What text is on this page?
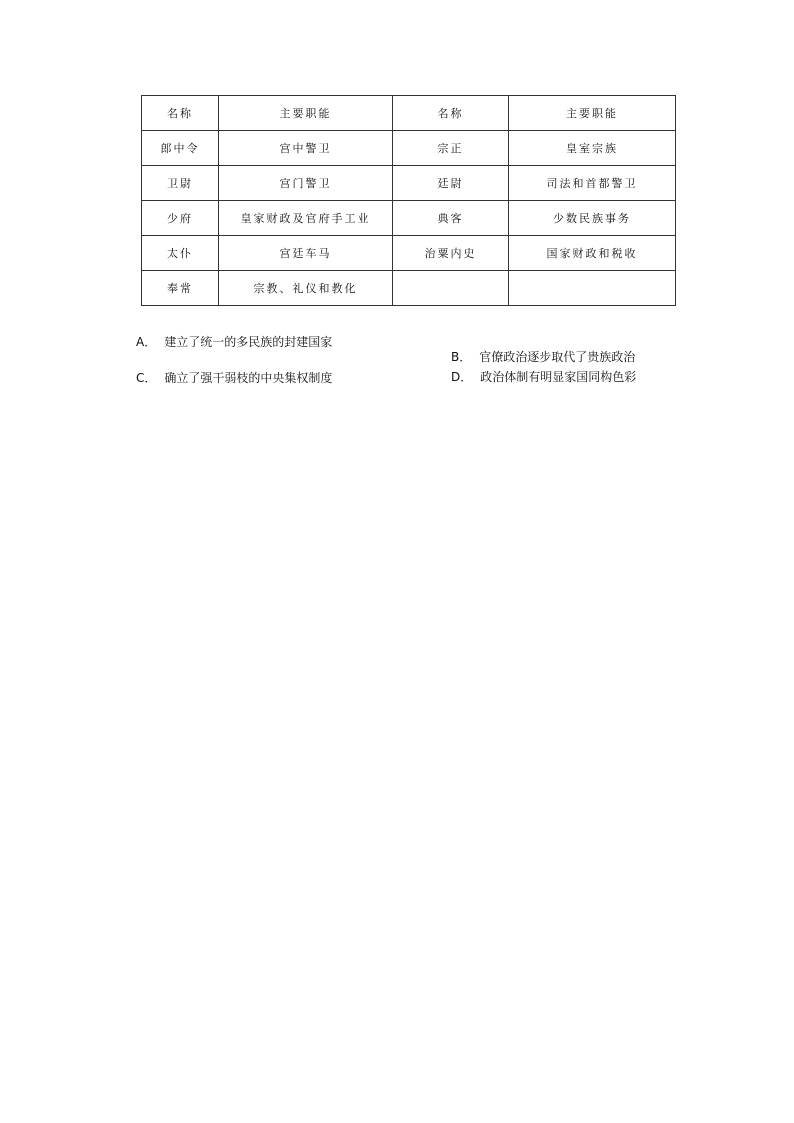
名称	主要职能	名称	主要职能
郎中令	宫中警卫	宗正	皇室宗族
卫尉	宫门警卫	廷尉	司法和首都警卫
少府	皇家财政及官府手工业	典客	少数民族事务
太仆	宫廷车马	治粟内史	国家财政和税收
奉常	宗教、礼仪和教化		
A． 建立了统一的多民族的封建国家
B． 官僚政治逐步取代了贵族政治
C． 确立了强干弱枝的中央集权制度	D． 政治体制有明显家国同构色彩
